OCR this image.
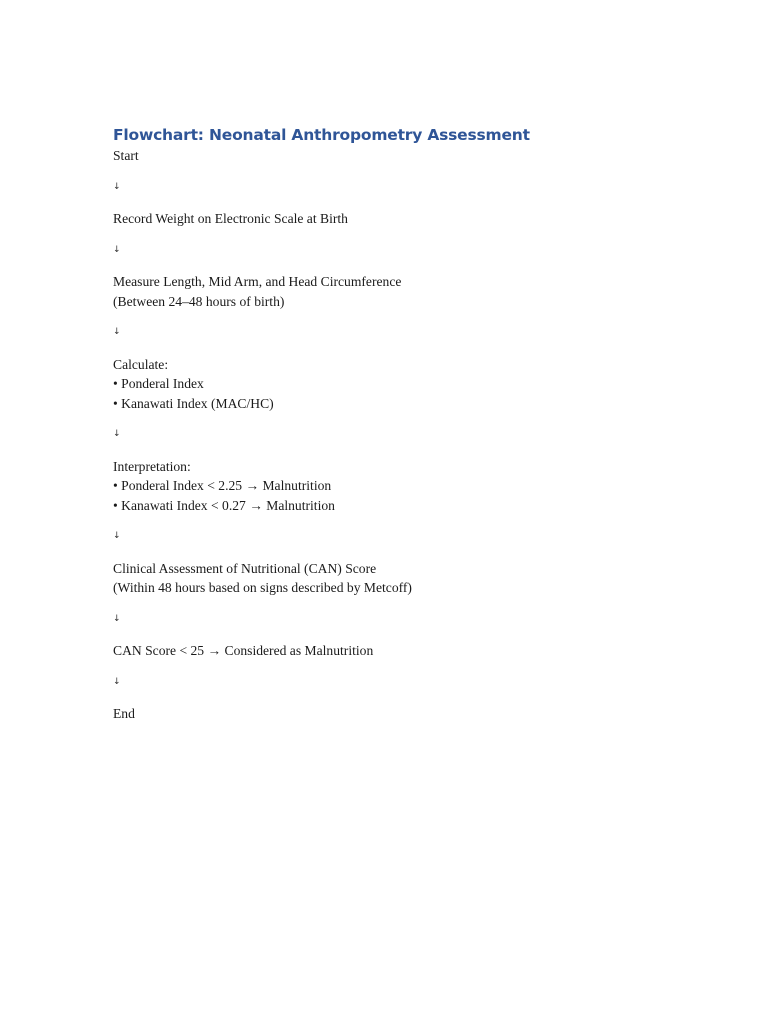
Flowchart: Neonatal Anthropometry Assessment

Start

↓

Record Weight on Electronic Scale at Birth

↓

Measure Length, Mid Arm, and Head Circumference

(Between 24–48 hours of birth)

↓

Calculate:

• Ponderal Index

• Kanawati Index (MAC/HC)

↓

Interpretation:

• Ponderal Index < 2.25 → Malnutrition

• Kanawati Index < 0.27 → Malnutrition

↓

Clinical Assessment of Nutritional (CAN) Score

(Within 48 hours based on signs described by Metcoff)

↓

CAN Score < 25 → Considered as Malnutrition

↓

End
